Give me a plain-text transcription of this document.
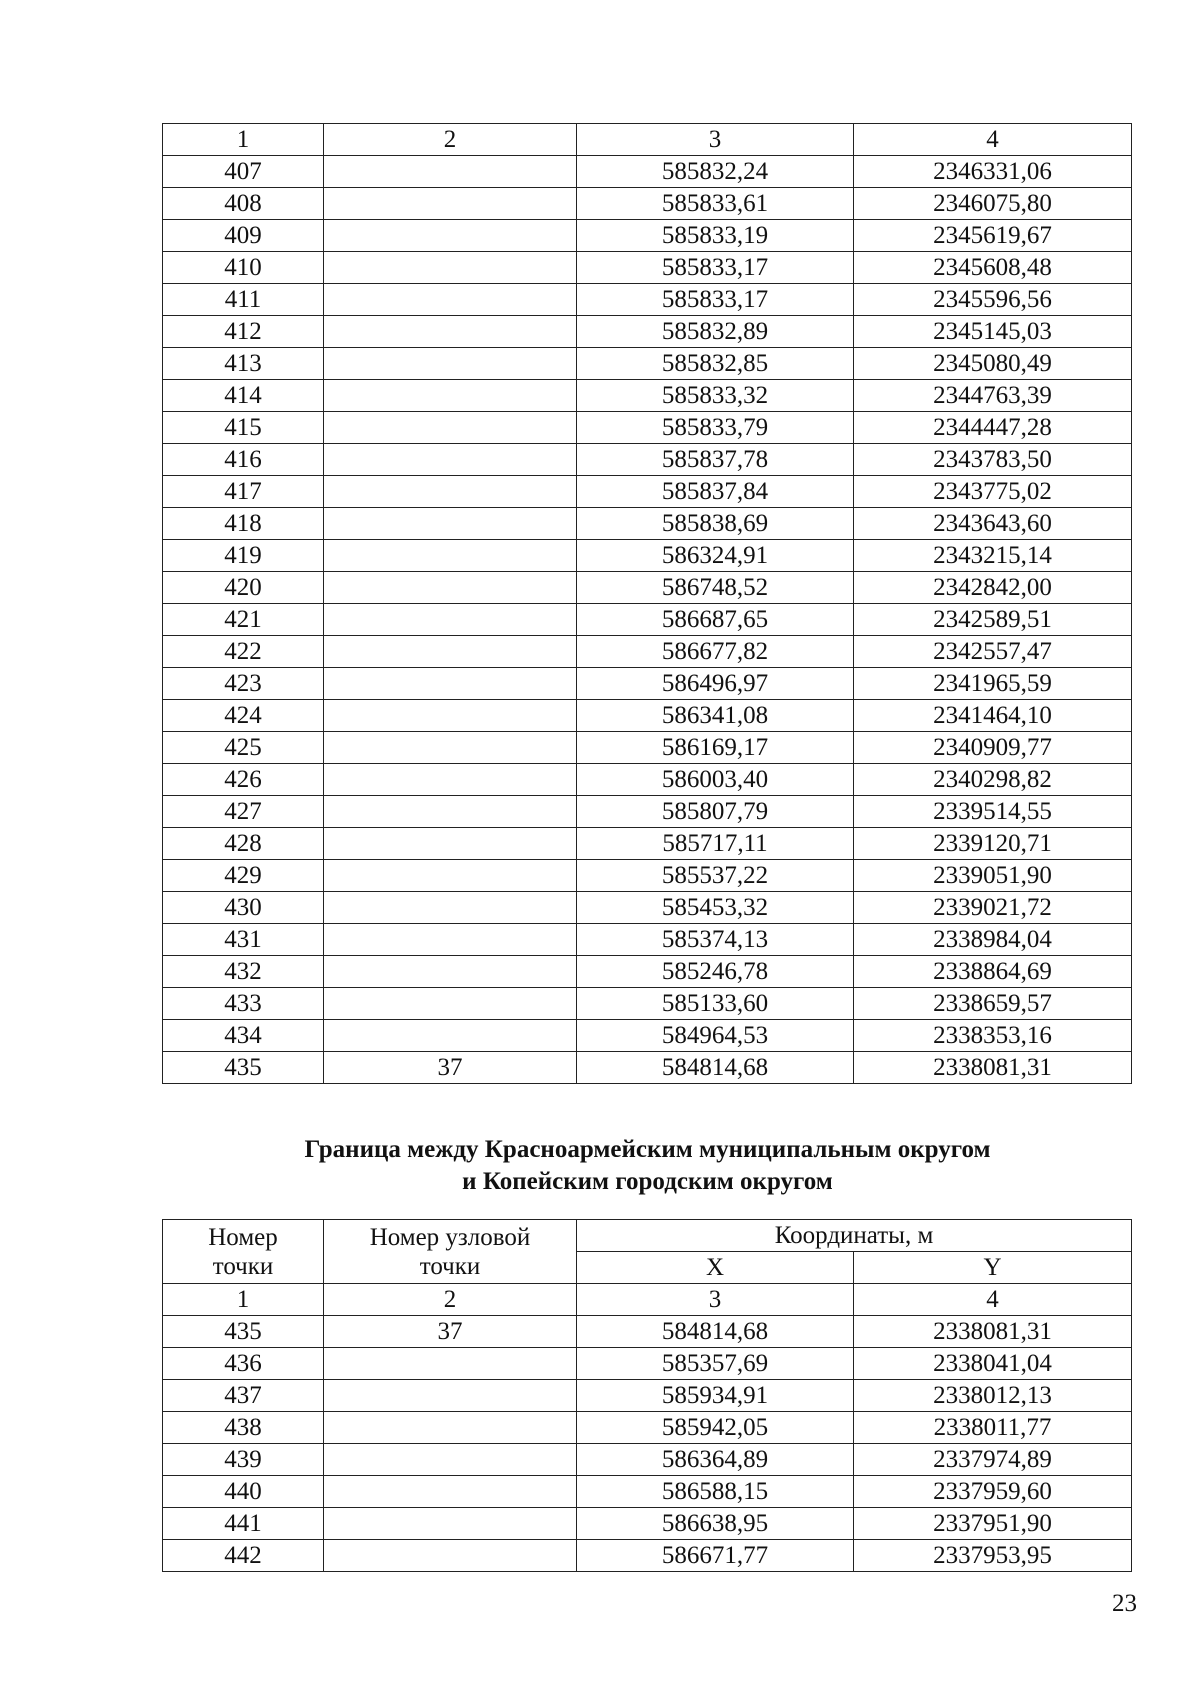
1	2	3	4
407		585832,24	2346331,06
408		585833,61	2346075,80
409		585833,19	2345619,67
410		585833,17	2345608,48
411		585833,17	2345596,56
412		585832,89	2345145,03
413		585832,85	2345080,49
414		585833,32	2344763,39
415		585833,79	2344447,28
416		585837,78	2343783,50
417		585837,84	2343775,02
418		585838,69	2343643,60
419		586324,91	2343215,14
420		586748,52	2342842,00
421		586687,65	2342589,51
422		586677,82	2342557,47
423		586496,97	2341965,59
424		586341,08	2341464,10
425		586169,17	2340909,77
426		586003,40	2340298,82
427		585807,79	2339514,55
428		585717,11	2339120,71
429		585537,22	2339051,90
430		585453,32	2339021,72
431		585374,13	2338984,04
432		585246,78	2338864,69
433		585133,60	2338659,57
434		584964,53	2338353,16
435	37	584814,68	2338081,31
Граница между Красноармейским муниципальным округом
и Копейским городским округом
Номер точки	Номер узловой точки	Координаты, м	
		X	Y
1	2	3	4
435	37	584814,68	2338081,31
436		585357,69	2338041,04
437		585934,91	2338012,13
438		585942,05	2338011,77
439		586364,89	2337974,89
440		586588,15	2337959,60
441		586638,95	2337951,90
442		586671,77	2337953,95
23
